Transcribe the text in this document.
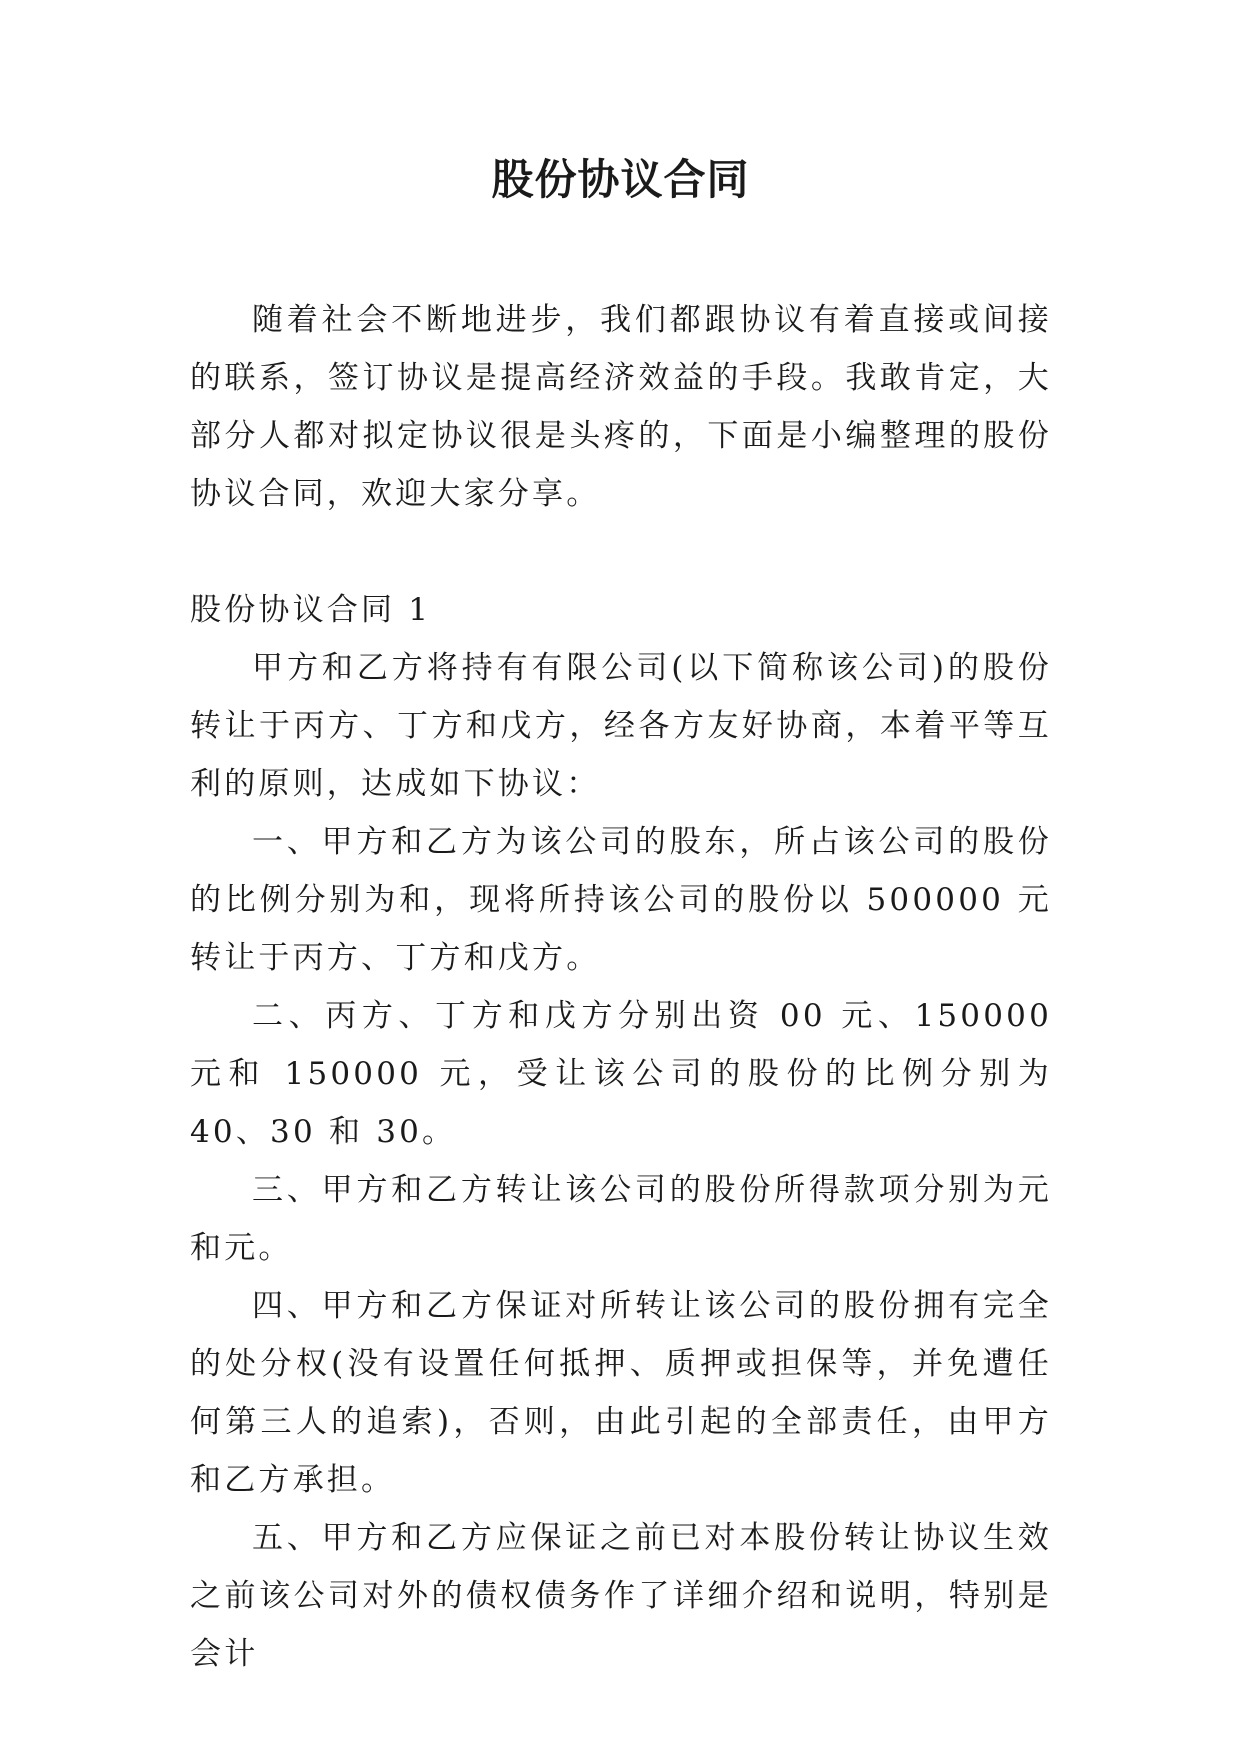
股份协议合同

随着社会不断地进步，我们都跟协议有着直接或间接的联系，签订协议是提高经济效益的手段。我敢肯定，大部分人都对拟定协议很是头疼的，下面是小编整理的股份协议合同，欢迎大家分享。

股份协议合同 1

甲方和乙方将持有有限公司(以下简称该公司)的股份转让于丙方、丁方和戊方，经各方友好协商，本着平等互利的原则，达成如下协议：

一、甲方和乙方为该公司的股东，所占该公司的股份的比例分别为和，现将所持该公司的股份以 500000 元转让于丙方、丁方和戊方。

二、丙方、丁方和戊方分别出资 00 元、150000 元和 150000 元，受让该公司的股份的比例分别为 40、30 和 30。

三、甲方和乙方转让该公司的股份所得款项分别为元和元。

四、甲方和乙方保证对所转让该公司的股份拥有完全的处分权(没有设置任何抵押、质押或担保等，并免遭任何第三人的追索)，否则，由此引起的全部责任，由甲方和乙方承担。

五、甲方和乙方应保证之前已对本股份转让协议生效之前该公司对外的债权债务作了详细介绍和说明，特别是会计
